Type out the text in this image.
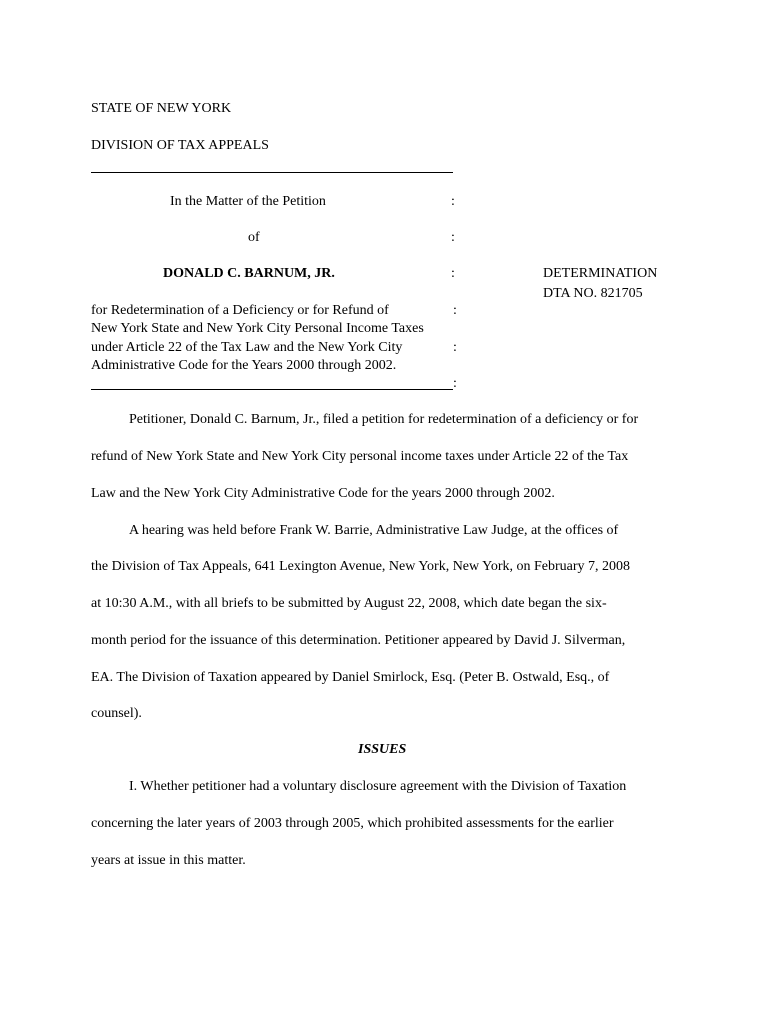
STATE OF NEW YORK
DIVISION OF TAX APPEALS
In the Matter of the Petition	:
of	:
DONALD C. BARNUM, JR.	:	DETERMINATION
DTA NO. 821705
for Redetermination of a Deficiency or for Refund of	:
New York State and New York City Personal Income Taxes
under Article 22 of the Tax Law and the New York City	:
Administrative Code for the Years 2000 through 2002.
:
Petitioner, Donald C. Barnum, Jr., filed a petition for redetermination of a deficiency or for
refund of New York State and New York City personal income taxes under Article 22 of the Tax
Law and the New York City Administrative Code for the years 2000 through 2002.
A hearing was held before Frank W. Barrie, Administrative Law Judge, at the offices of
the Division of Tax Appeals, 641 Lexington Avenue, New York, New York, on February 7, 2008
at 10:30 A.M., with all briefs to be submitted by August 22, 2008, which date began the six-
month period for the issuance of this determination. Petitioner appeared by David J. Silverman,
EA. The Division of Taxation appeared by Daniel Smirlock, Esq. (Peter B. Ostwald, Esq., of
counsel).
ISSUES
I. Whether petitioner had a voluntary disclosure agreement with the Division of Taxation
concerning the later years of 2003 through 2005, which prohibited assessments for the earlier
years at issue in this matter.
